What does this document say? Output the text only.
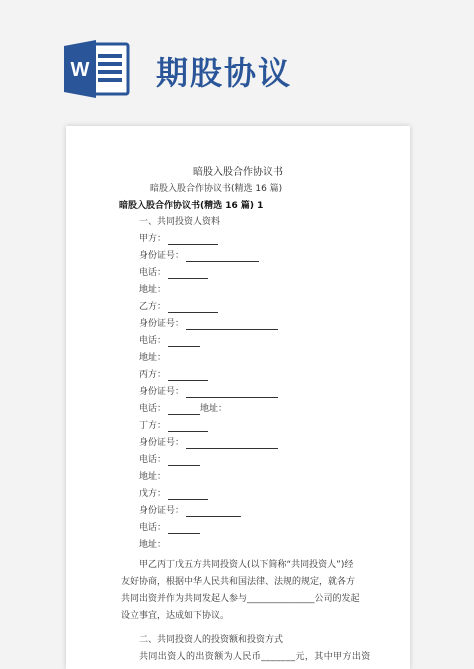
W 期股协议
暗股入股合作协议书
暗股入股合作协议书(精选 16 篇)
暗股入股合作协议书(精选 16 篇) 1
一、共同投资人资料
甲方：
身份证号：
电话：
地址：
乙方：
身份证号：
电话：
地址：
丙方：
身份证号：
电话：	地址：
丁方：
身份证号：
电话：
地址：
戊方：
身份证号：
电话：
地址：
甲乙丙丁戊五方共同投资人(以下简称“共同投资人”)经友好协商，根据中华人民共和国法律、法规的规定，就各方共同出资并作为共同发起人参与_______________公司的发起设立事宜，达成如下协议。
二、共同投资人的投资额和投资方式
共同出资人的出资额为人民币_______元，其中甲方出资
